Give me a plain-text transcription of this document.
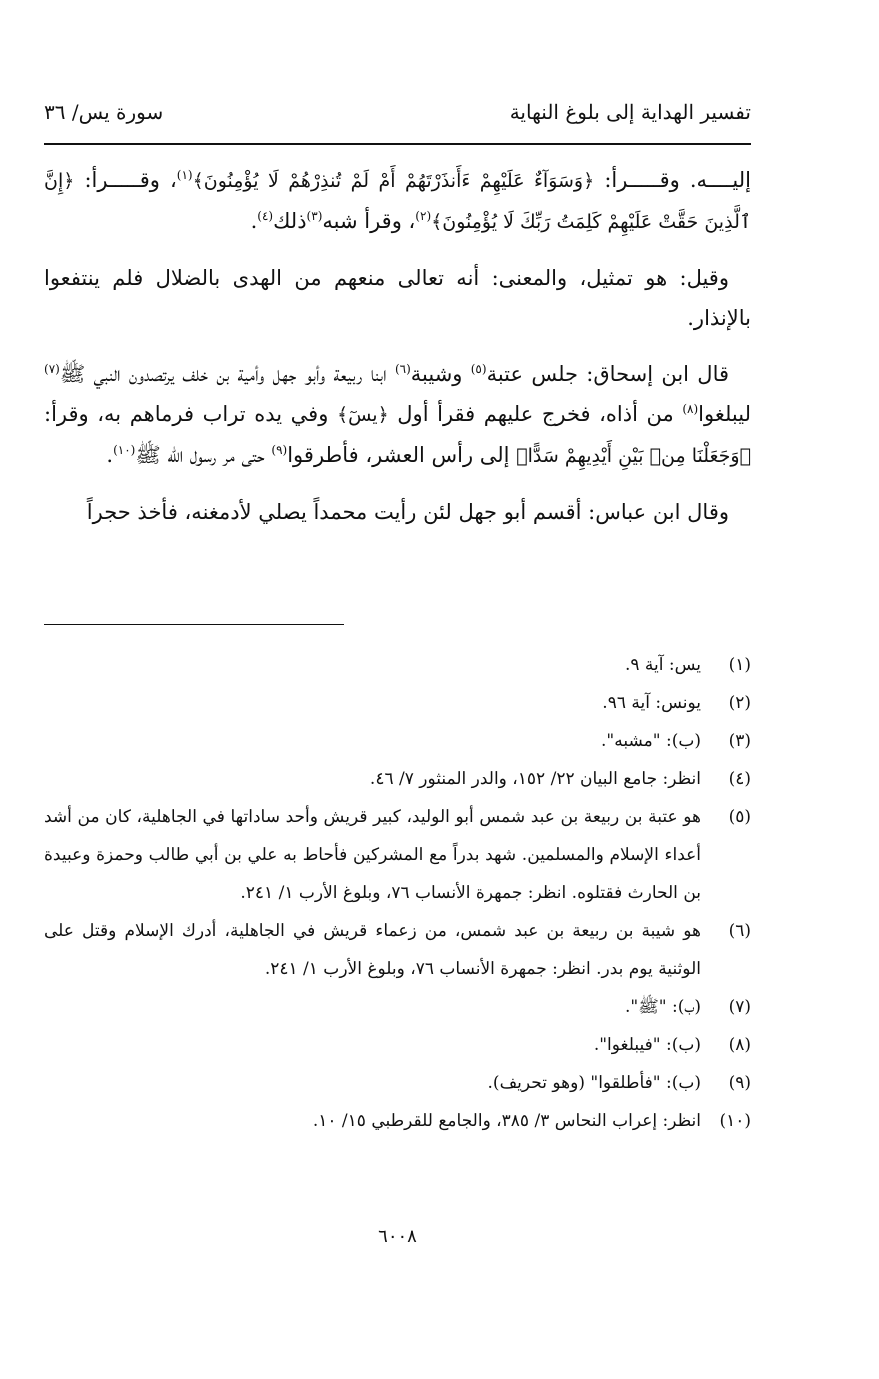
تفسير الهداية إلى بلوغ النهاية
سورة يس/ ٣٦

إليــــه. وقـــــرأ: ﴿وَسَوَآءٌ عَلَيْهِمْ ءَأَنذَرْتَهُمْ أَمْ لَمْ تُنذِرْهُمْ لَا يُؤْمِنُونَ﴾$^{(١)}$، وقـــــرأ: ﴿إِنَّ ٱلَّذِينَ حَقَّتْ عَلَيْهِمْ كَلِمَتُ رَبِّكَ لَا يُؤْمِنُونَ﴾$^{(٢)}$، وقرأ شبه$^{(٣)}$ذلك$^{(٤)}$.

وقيل: هو تمثيل، والمعنى: أنه تعالى منعهم من الهدى بالضلال فلم ينتفعوا بالإنذار.

قال ابن إسحاق: جلس عتبة$^{(٥)}$ وشيبة$^{(٦)}$ ابنا ربيعة وأبو جهل وأمية بن خلف يرتصدون النبي ﷺ$^{(٧)}$ ليبلغوا$^{(٨)}$ من أذاه، فخرج عليهم فقرأ أول ﴿يسٓ﴾ وفي يده تراب فرماهم به، وقرأ: ﴿وَجَعَلْنَا مِنۢ بَيْنِ أَيْدِيهِمْ سَدًّا﴾ إلى رأس العشر، فأطرقوا$^{(٩)}$ حتى مر رسول الله ﷺ$^{(١٠)}$.

وقال ابن عباس: أقسم أبو جهل لئن رأيت محمداً يصلي لأدمغنه، فأخذ حجراً

(١)
يس: آية ٩.
(٢)
يونس: آية ٩٦.
(٣)
(ب): "مشبه".
(٤)
انظر: جامع البيان ٢٢/ ١٥٢، والدر المنثور ٧/ ٤٦.
(٥)
هو عتبة بن ربيعة بن عبد شمس أبو الوليد، كبير قريش وأحد ساداتها في الجاهلية، كان من أشد أعداء الإسلام والمسلمين. شهد بدراً مع المشركين فأحاط به علي بن أبي طالب وحمزة وعبيدة بن الحارث فقتلوه. انظر: جمهرة الأنساب ٧٦، وبلوغ الأرب ١/ ٢٤١.
(٦)
هو شيبة بن ربيعة بن عبد شمس، من زعماء قريش في الجاهلية، أدرك الإسلام وقتل على الوثنية يوم بدر. انظر: جمهرة الأنساب ٧٦، وبلوغ الأرب ١/ ٢٤١.
(٧)
(ب): "ﷺ".
(٨)
(ب): "فيبلغوا".
(٩)
(ب): "فأطلقوا" (وهو تحريف).
(١٠)
انظر: إعراب النحاس ٣/ ٣٨٥، والجامع للقرطبي ١٥/ ١٠.
٦٠٠٨
